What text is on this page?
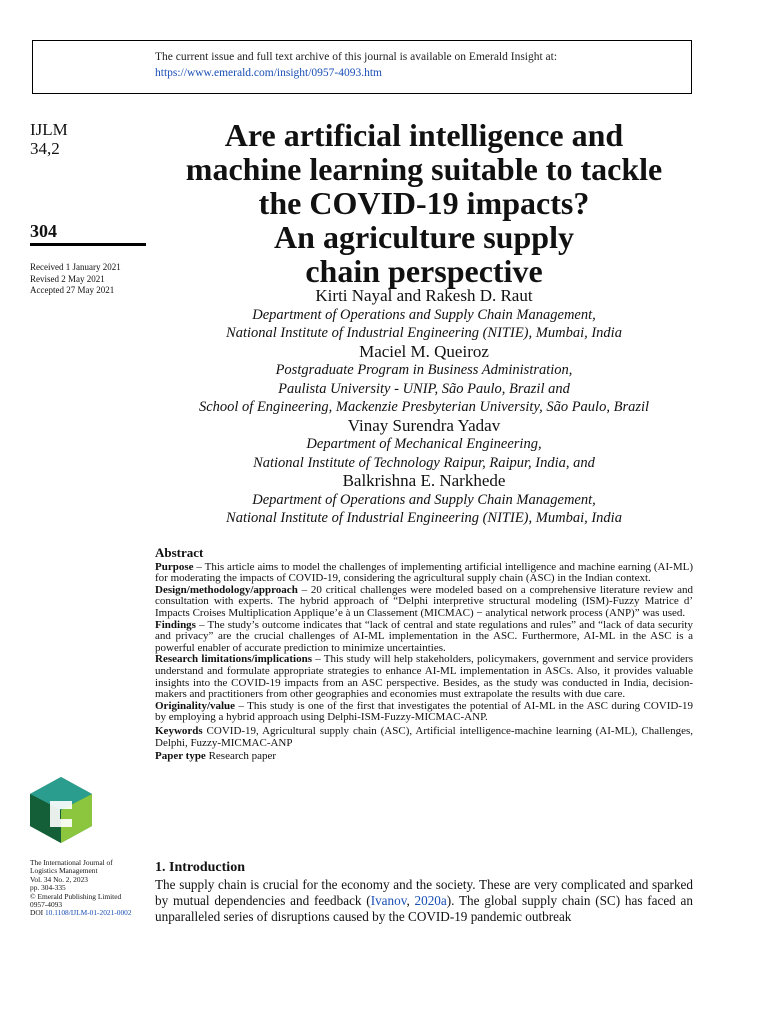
The current issue and full text archive of this journal is available on Emerald Insight at:
https://www.emerald.com/insight/0957-4093.htm
IJLM
34,2
304
Received 1 January 2021
Revised 2 May 2021
Accepted 27 May 2021
Are artificial intelligence and
machine learning suitable to tackle
the COVID-19 impacts?
An agriculture supply
chain perspective
Kirti Nayal and Rakesh D. Raut
Department of Operations and Supply Chain Management,
National Institute of Industrial Engineering (NITIE), Mumbai, India
Maciel M. Queiroz
Postgraduate Program in Business Administration,
Paulista University - UNIP, São Paulo, Brazil and
School of Engineering, Mackenzie Presbyterian University, São Paulo, Brazil
Vinay Surendra Yadav
Department of Mechanical Engineering,
National Institute of Technology Raipur, Raipur, India, and
Balkrishna E. Narkhede
Department of Operations and Supply Chain Management,
National Institute of Industrial Engineering (NITIE), Mumbai, India
Abstract
Purpose – This article aims to model the challenges of implementing artificial intelligence and machine earning (AI-ML) for moderating the impacts of COVID-19, considering the agricultural supply chain (ASC) in the Indian context.
Design/methodology/approach – 20 critical challenges were modeled based on a comprehensive literature review and consultation with experts. The hybrid approach of “Delphi interpretive structural modeling (ISM)-Fuzzy Matrice d’ Impacts Croises Multiplication Applique’e à un Classement (MICMAC) − analytical network process (ANP)” was used.
Findings – The study’s outcome indicates that “lack of central and state regulations and rules” and “lack of data security and privacy” are the crucial challenges of AI-ML implementation in the ASC. Furthermore, AI-ML in the ASC is a powerful enabler of accurate prediction to minimize uncertainties.
Research limitations/implications – This study will help stakeholders, policymakers, government and service providers understand and formulate appropriate strategies to enhance AI-ML implementation in ASCs. Also, it provides valuable insights into the COVID-19 impacts from an ASC perspective. Besides, as the study was conducted in India, decision-makers and practitioners from other geographies and economies must extrapolate the results with due care.
Originality/value – This study is one of the first that investigates the potential of AI-ML in the ASC during COVID-19 by employing a hybrid approach using Delphi-ISM-Fuzzy-MICMAC-ANP.
Keywords COVID-19, Agricultural supply chain (ASC), Artificial intelligence-machine learning (AI-ML), Challenges, Delphi, Fuzzy-MICMAC-ANP
Paper type Research paper
The International Journal of
Logistics Management
Vol. 34 No. 2, 2023
pp. 304-335
© Emerald Publishing Limited
0957-4093
DOI 10.1108/IJLM-01-2021-0002
1. Introduction
The supply chain is crucial for the economy and the society. These are very complicated and sparked by mutual dependencies and feedback (Ivanov, 2020a). The global supply chain (SC) has faced an unparalleled series of disruptions caused by the COVID-19 pandemic outbreak
